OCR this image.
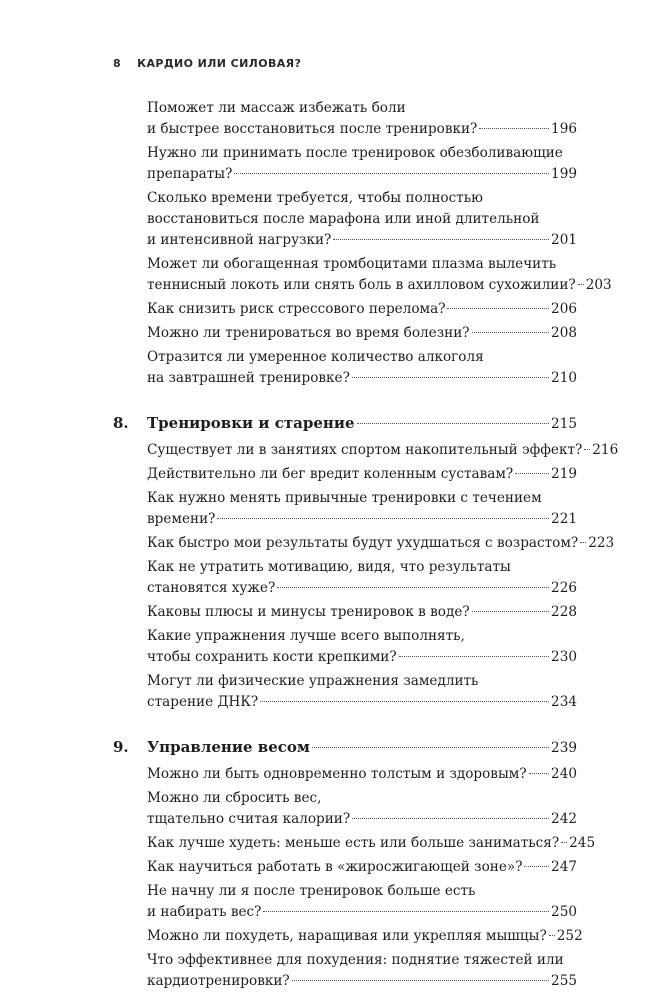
8 КАРДИО ИЛИ СИЛОВАЯ?
Поможет ли массаж избежать боли
и быстрее восстановиться после тренировки?	196
Нужно ли принимать после тренировок обезболивающие
препараты?	199
Сколько времени требуется, чтобы полностью
восстановиться после марафона или иной длительной
и интенсивной нагрузки?	201
Может ли обогащенная тромбоцитами плазма вылечить
теннисный локоть или снять боль в ахилловом сухожилии? 203
Как снизить риск стрессового перелома?	206
Можно ли тренироваться во время болезни?	208
Отразится ли умеренное количество алкоголя
на завтрашней тренировке?	210
8.	Тренировки и старение	215
Существует ли в занятиях спортом накопительный эффект? 216
Действительно ли бег вредит коленным суставам?	219
Как нужно менять привычные тренировки с течением
времени?	221
Как быстро мои результаты будут ухудшаться с возрастом? 223
Как не утратить мотивацию, видя, что результаты
становятся хуже?	226
Каковы плюсы и минусы тренировок в воде?	228
Какие упражнения лучше всего выполнять,
чтобы сохранить кости крепкими?	230
Могут ли физические упражнения замедлить
старение ДНК?	234
9.	Управление весом	239
Можно ли быть одновременно толстым и здоровым? 240
Можно ли сбросить вес,
тщательно считая калории?	242
Как лучше худеть: меньше есть или больше заниматься? 245
Как научиться работать в «жиросжигающей зоне»? 247
Не начну ли я после тренировок больше есть
и набирать вес?	250
Можно ли похудеть, наращивая или укрепляя мышцы? 252
Что эффективнее для похудения: поднятие тяжестей или
кардиотренировки?	255
